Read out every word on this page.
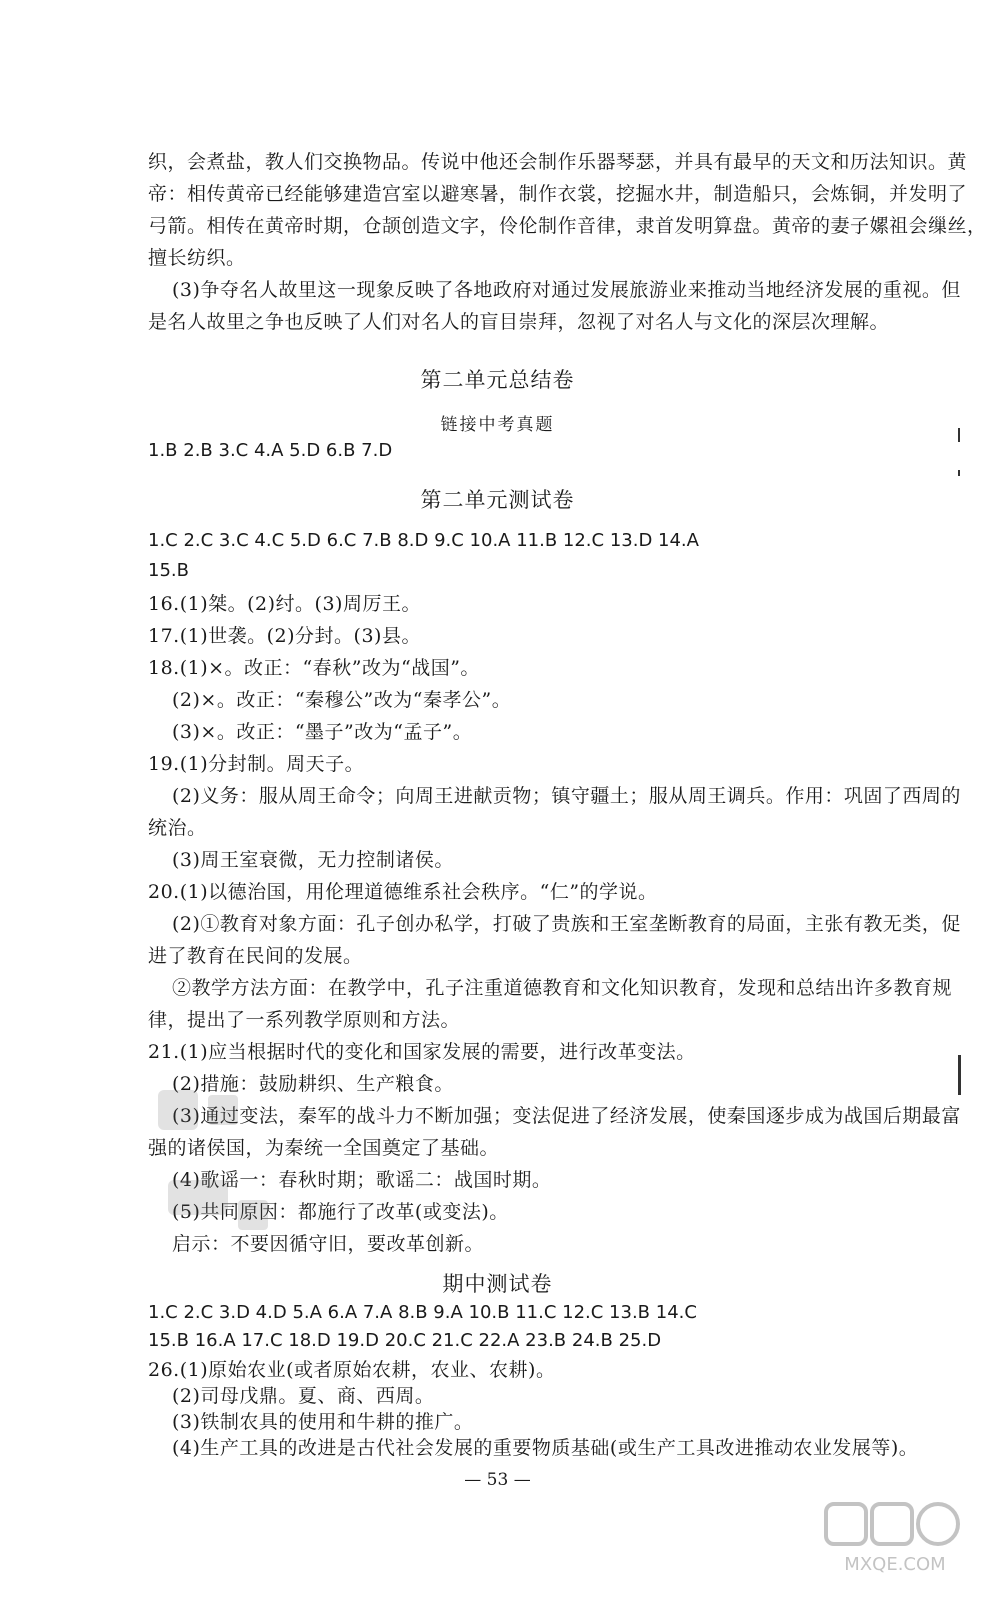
织，会煮盐，教人们交换物品。传说中他还会制作乐器琴瑟，并具有最早的天文和历法知识。黄
帝：相传黄帝已经能够建造宫室以避寒暑，制作衣裳，挖掘水井，制造船只，会炼铜，并发明了
弓箭。相传在黄帝时期，仓颉创造文字，伶伦制作音律，隶首发明算盘。黄帝的妻子嫘祖会缫丝，
擅长纺织。
(3)争夺名人故里这一现象反映了各地政府对通过发展旅游业来推动当地经济发展的重视。但
是名人故里之争也反映了人们对名人的盲目崇拜，忽视了对名人与文化的深层次理解。
第二单元总结卷
链接中考真题
1.B 2.B 3.C 4.A 5.D 6.B 7.D
第二单元测试卷
1.C 2.C 3.C 4.C 5.D 6.C 7.B 8.D 9.C 10.A 11.B 12.C 13.D 14.A
15.B
16.(1)桀。(2)纣。(3)周厉王。
17.(1)世袭。(2)分封。(3)县。
18.(1)×。改正：“春秋”改为“战国”。
(2)×。改正：“秦穆公”改为“秦孝公”。
(3)×。改正：“墨子”改为“孟子”。
19.(1)分封制。周天子。
(2)义务：服从周王命令；向周王进献贡物；镇守疆土；服从周王调兵。作用：巩固了西周的
统治。
(3)周王室衰微，无力控制诸侯。
20.(1)以德治国，用伦理道德维系社会秩序。“仁”的学说。
(2)①教育对象方面：孔子创办私学，打破了贵族和王室垄断教育的局面，主张有教无类，促
进了教育在民间的发展。
②教学方法方面：在教学中，孔子注重道德教育和文化知识教育，发现和总结出许多教育规
律，提出了一系列教学原则和方法。
21.(1)应当根据时代的变化和国家发展的需要，进行改革变法。
(2)措施：鼓励耕织、生产粮食。
(3)通过变法，秦军的战斗力不断加强；变法促进了经济发展，使秦国逐步成为战国后期最富
强的诸侯国，为秦统一全国奠定了基础。
(4)歌谣一：春秋时期；歌谣二：战国时期。
(5)共同原因：都施行了改革(或变法)。
启示：不要因循守旧，要改革创新。
期中测试卷
1.C 2.C 3.D 4.D 5.A 6.A 7.A 8.B 9.A 10.B 11.C 12.C 13.B 14.C
15.B 16.A 17.C 18.D 19.D 20.C 21.C 22.A 23.B 24.B 25.D
26.(1)原始农业(或者原始农耕，农业、农耕)。
(2)司母戊鼎。夏、商、西周。
(3)铁制农具的使用和牛耕的推广。
(4)生产工具的改进是古代社会发展的重要物质基础(或生产工具改进推动农业发展等)。
— 53 —
MXQE.COM
